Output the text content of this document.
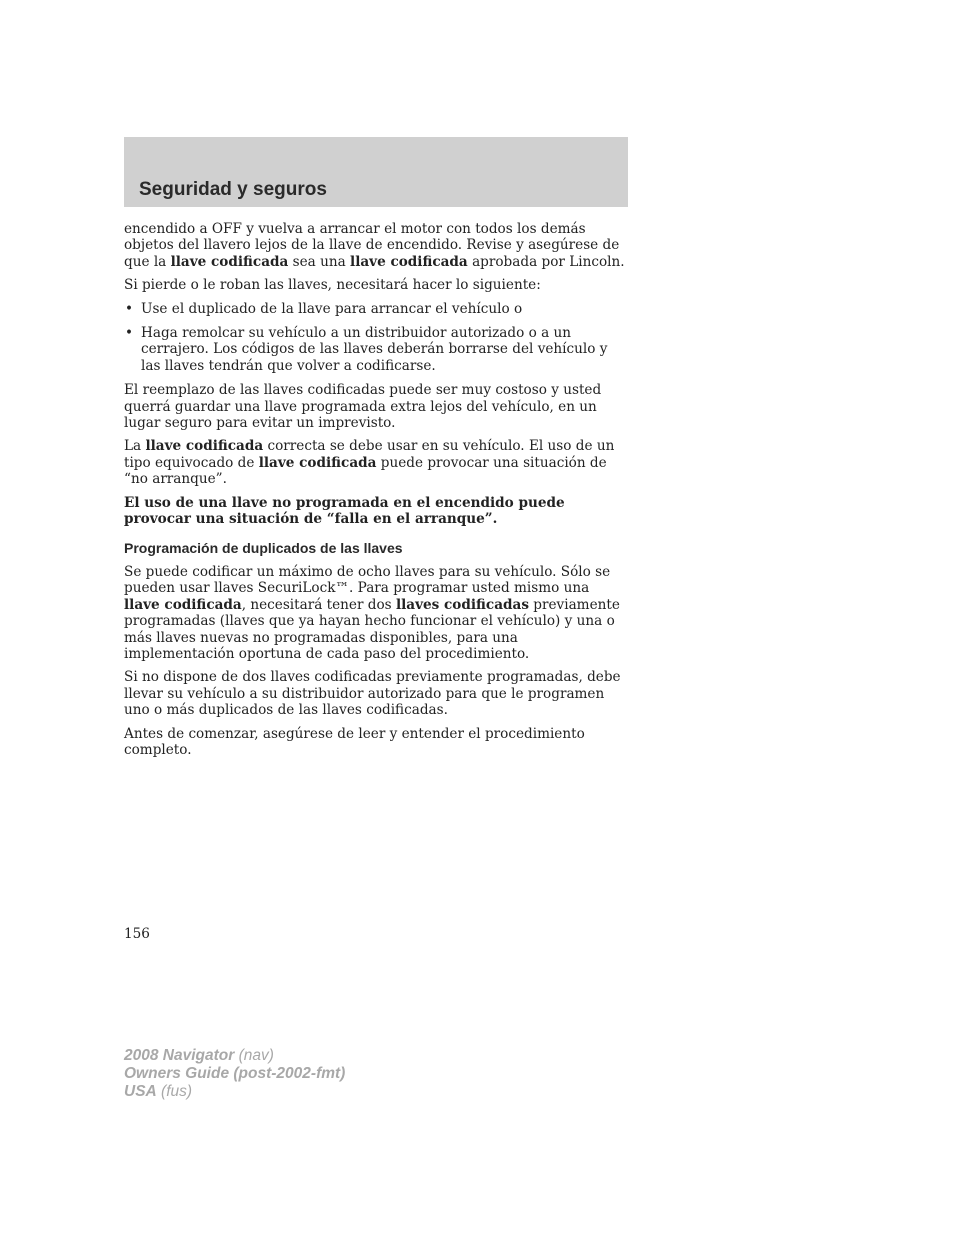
Seguridad y seguros

encendido a OFF y vuelva a arrancar el motor con todos los demás objetos del llavero lejos de la llave de encendido. Revise y asegúrese de que la llave codificada sea una llave codificada aprobada por Lincoln.

Si pierde o le roban las llaves, necesitará hacer lo siguiente:

• Use el duplicado de la llave para arrancar el vehículo o
• Haga remolcar su vehículo a un distribuidor autorizado o a un cerrajero. Los códigos de las llaves deberán borrarse del vehículo y las llaves tendrán que volver a codificarse.

El reemplazo de las llaves codificadas puede ser muy costoso y usted querrá guardar una llave programada extra lejos del vehículo, en un lugar seguro para evitar un imprevisto.

La llave codificada correcta se debe usar en su vehículo. El uso de un tipo equivocado de llave codificada puede provocar una situación de “no arranque”.

El uso de una llave no programada en el encendido puede provocar una situación de “falla en el arranque”.

Programación de duplicados de las llaves

Se puede codificar un máximo de ocho llaves para su vehículo. Sólo se pueden usar llaves SecuriLock™. Para programar usted mismo una llave codificada, necesitará tener dos llaves codificadas previamente programadas (llaves que ya hayan hecho funcionar el vehículo) y una o más llaves nuevas no programadas disponibles, para una implementación oportuna de cada paso del procedimiento.

Si no dispone de dos llaves codificadas previamente programadas, debe llevar su vehículo a su distribuidor autorizado para que le programen uno o más duplicados de las llaves codificadas.

Antes de comenzar, asegúrese de leer y entender el procedimiento completo.

156
2008 Navigator (nav)
Owners Guide (post-2002-fmt)
USA (fus)
